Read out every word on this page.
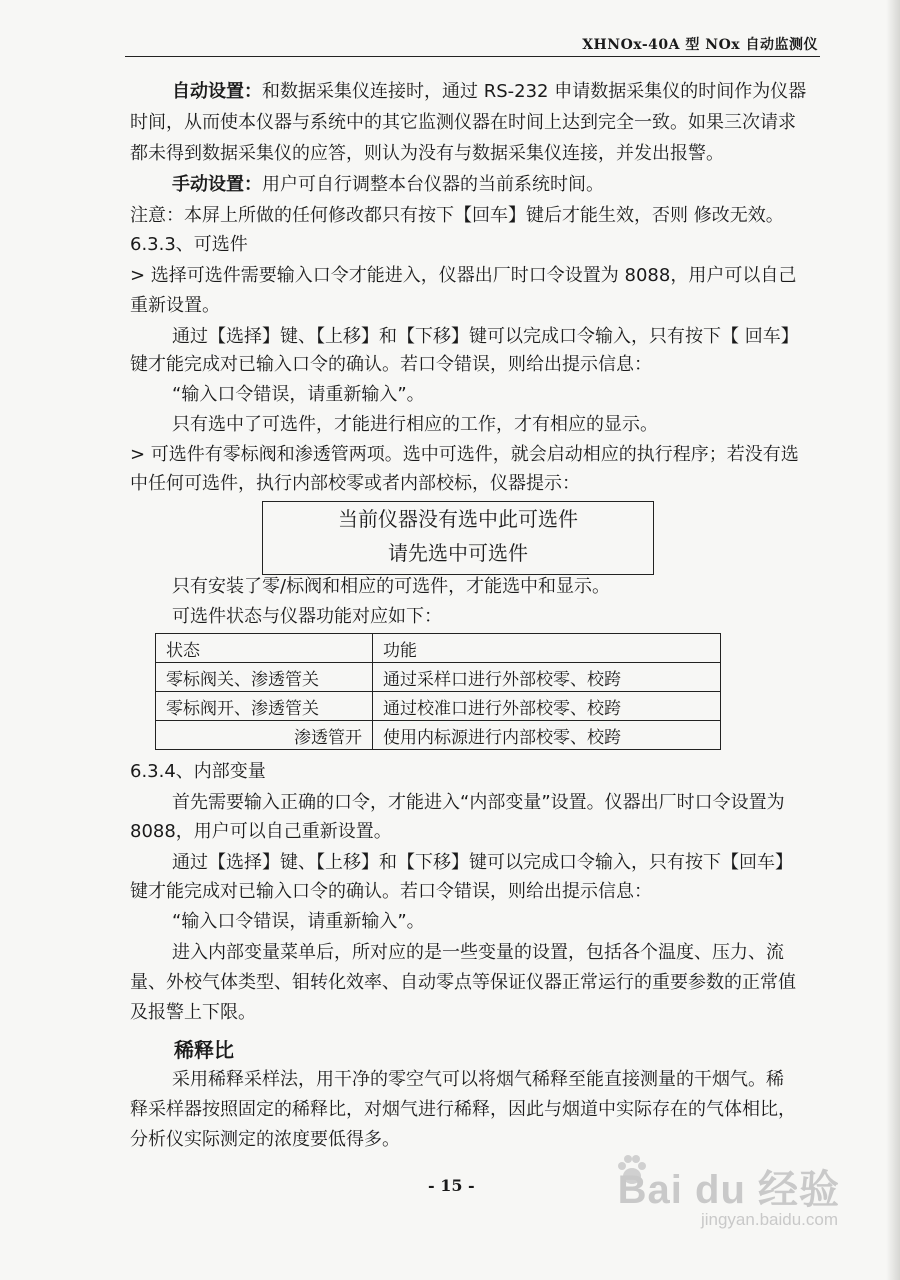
XHNOx-40A 型 NOx 自动监测仪
自动设置：和数据采集仪连接时，通过 RS-232 申请数据采集仪的时间作为仪器
时间，从而使本仪器与系统中的其它监测仪器在时间上达到完全一致。如果三次请求
都未得到数据采集仪的应答，则认为没有与数据采集仪连接，并发出报警。
手动设置：用户可自行调整本台仪器的当前系统时间。
注意：本屏上所做的任何修改都只有按下【回车】键后才能生效，否则 修改无效。
6.3.3、可选件
> 选择可选件需要输入口令才能进入，仪器出厂时口令设置为 8088，用户可以自己
重新设置。
通过【选择】键、【上移】和【下移】键可以完成口令输入，只有按下【 回车】
键才能完成对已输入口令的确认。若口令错误，则给出提示信息：
“输入口令错误，请重新输入”。
只有选中了可选件，才能进行相应的工作，才有相应的显示。
> 可选件有零标阀和渗透管两项。选中可选件，就会启动相应的执行程序；若没有选
中任何可选件，执行内部校零或者内部校标，仪器提示：
当前仪器没有选中此可选件
请先选中可选件
只有安装了零/标阀和相应的可选件，才能选中和显示。
可选件状态与仪器功能对应如下：
状态	功能
零标阀关、渗透管关	通过采样口进行外部校零、校跨
零标阀开、渗透管关	通过校准口进行外部校零、校跨
渗透管开	使用内标源进行内部校零、校跨
6.3.4、内部变量
首先需要输入正确的口令，才能进入“内部变量”设置。仪器出厂时口令设置为
8088，用户可以自己重新设置。
通过【选择】键、【上移】和【下移】键可以完成口令输入，只有按下【回车】
键才能完成对已输入口令的确认。若口令错误，则给出提示信息：
“输入口令错误，请重新输入”。
进入内部变量菜单后，所对应的是一些变量的设置，包括各个温度、压力、流
量、外校气体类型、钼转化效率、自动零点等保证仪器正常运行的重要参数的正常值
及报警上下限。
稀释比
采用稀释采样法，用干净的零空气可以将烟气稀释至能直接测量的干烟气。稀
释采样器按照固定的稀释比，对烟气进行稀释，因此与烟道中实际存在的气体相比，
分析仪实际测定的浓度要低得多。
- 15 -	Bai du 经验
jingyan.baidu.com
